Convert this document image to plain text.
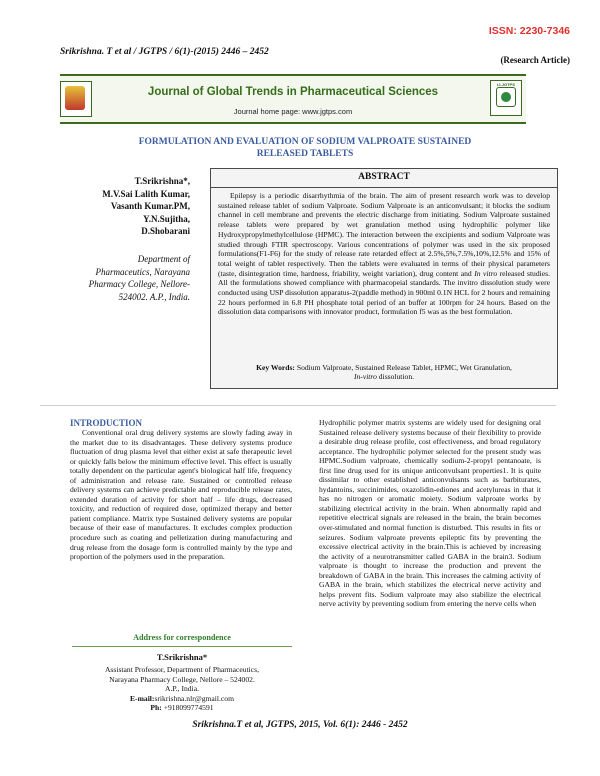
ISSN: 2230-7346
Srikrishna. T et al / JGTPS / 6(1)-(2015) 2446 – 2452
(Research Article)
Journal of Global Trends in Pharmaceutical Sciences
Journal home page: www.jgtps.com
IJ-JGTPS
FORMULATION AND EVALUATION OF SODIUM VALPROATE SUSTAINED
RELEASED TABLETS
T.Srikrishna*,
M.V.Sai Lalith Kumar,
Vasanth Kumar.PM,
Y.N.Sujitha,
D.Shobarani
Department of
Pharmaceutics, Narayana
Pharmacy College, Nellore-
524002. A.P., India.
ABSTRACT
Epilepsy is a periodic disarrhythmia of the brain. The aim of present research work was to develop sustained release tablet of sodium Valproate. Sodium Valproate is an anticonvulsant; it blocks the sodium channel in cell membrane and prevents the electric discharge from initiating. Sodium Valproate sustained release tablets were prepared by wet granulation method using hydrophilic polymer like Hydroxypropylmethylcellulose (HPMC). The interaction between the excipients and sodium Valproate was studied through FTIR spectroscopy. Various concentrations of polymer was used in the six proposed formulations(F1-F6) for the study of release rate retarded effect at 2.5%,5%,7.5%,10%,12.5% and 15% of total weight of tablet respectively. Then the tablets were evaluated in terms of their physical parameters (taste, disintegration time, hardness, friability, weight variation), drug content and In vitro released studies. All the formulations showed compliance with pharmacopeial standards. The invitro dissolution study were conducted using USP dissolution apparatus-2(paddle method) in 900ml 0.1N HCL for 2 hours and remaining 22 hours performed in 6.8 PH phosphate total period of an buffer at 100rpm for 24 hours. Based on the dissolution data comparisons with innovator product, formulation f5 was as the best formulation.
Key Words: Sodium Valproate, Sustained Release Tablet, HPMC, Wet Granulation,
In-vitro dissolution.
INTRODUCTION
Conventional oral drug delivery systems are slowly fading away in the market due to its disadvantages. These delivery systems produce fluctuation of drug plasma level that either exist at safe therapeutic level or quickly falls below the minimum effective level. This effect is usually totally dependent on the particular agent's biological half life, frequency of administration and release rate. Sustained or controlled release delivery systems can achieve predictable and reproducible release rates, extended duration of activity for short half – life drugs, decreased toxicity, and reduction of required dose, optimized therapy and better patient compliance. Matrix type Sustained delivery systems are popular because of their ease of manufactures. It excludes complex production procedure such as coating and pelletization during manufacturing and drug release from the dosage form is controlled mainly by the type and proportion of the polymers used in the preparation.
Hydrophilic polymer matrix systems are widely used for designing oral Sustained release delivery systems because of their flexibility to provide a desirable drug release profile, cost effectiveness, and broad regulatory acceptance. The hydrophilic polymer selected for the present study was HPMC.Sodium valproate, chemically sodium-2-propyl pentanoate, is first line drug used for its unique anticonvulsant properties1. It is quite dissimilar to other established anticonvulsants such as barbiturates, hydantoins, succinimides, oxazolidin-ediones and acetylureas in that it has no nitrogen or aromatic moiety. Sodium valproate works by stabilizing electrical activity in the brain. When abnormally rapid and repetitive electrical signals are released in the brain, the brain becomes over-stimulated and normal function is disturbed. This results in fits or seizures. Sodium valproate prevents epileptic fits by preventing the excessive electrical activity in the brain.This is achieved by increasing the activity of a neurotransmitter called GABA in the brain3. Sodium valproate is thought to increase the production and prevent the breakdown of GABA in the brain. This increases the calming activity of GABA in the brain, which stabilizes the electrical nerve activity and helps prevent fits. Sodium valproate may also stabilize the electrical nerve activity by preventing sodium from entering the nerve cells when
Address for correspondence
T.Srikrishna*
Assistant Professor, Department of Pharmaceutics,
Narayana Pharmacy College, Nellore – 524002.
A.P., India.
E-mail:srikrishna.nlr@gmail.com
Ph: +918099774591
Srikrishna.T et al, JGTPS, 2015, Vol. 6(1): 2446 - 2452
